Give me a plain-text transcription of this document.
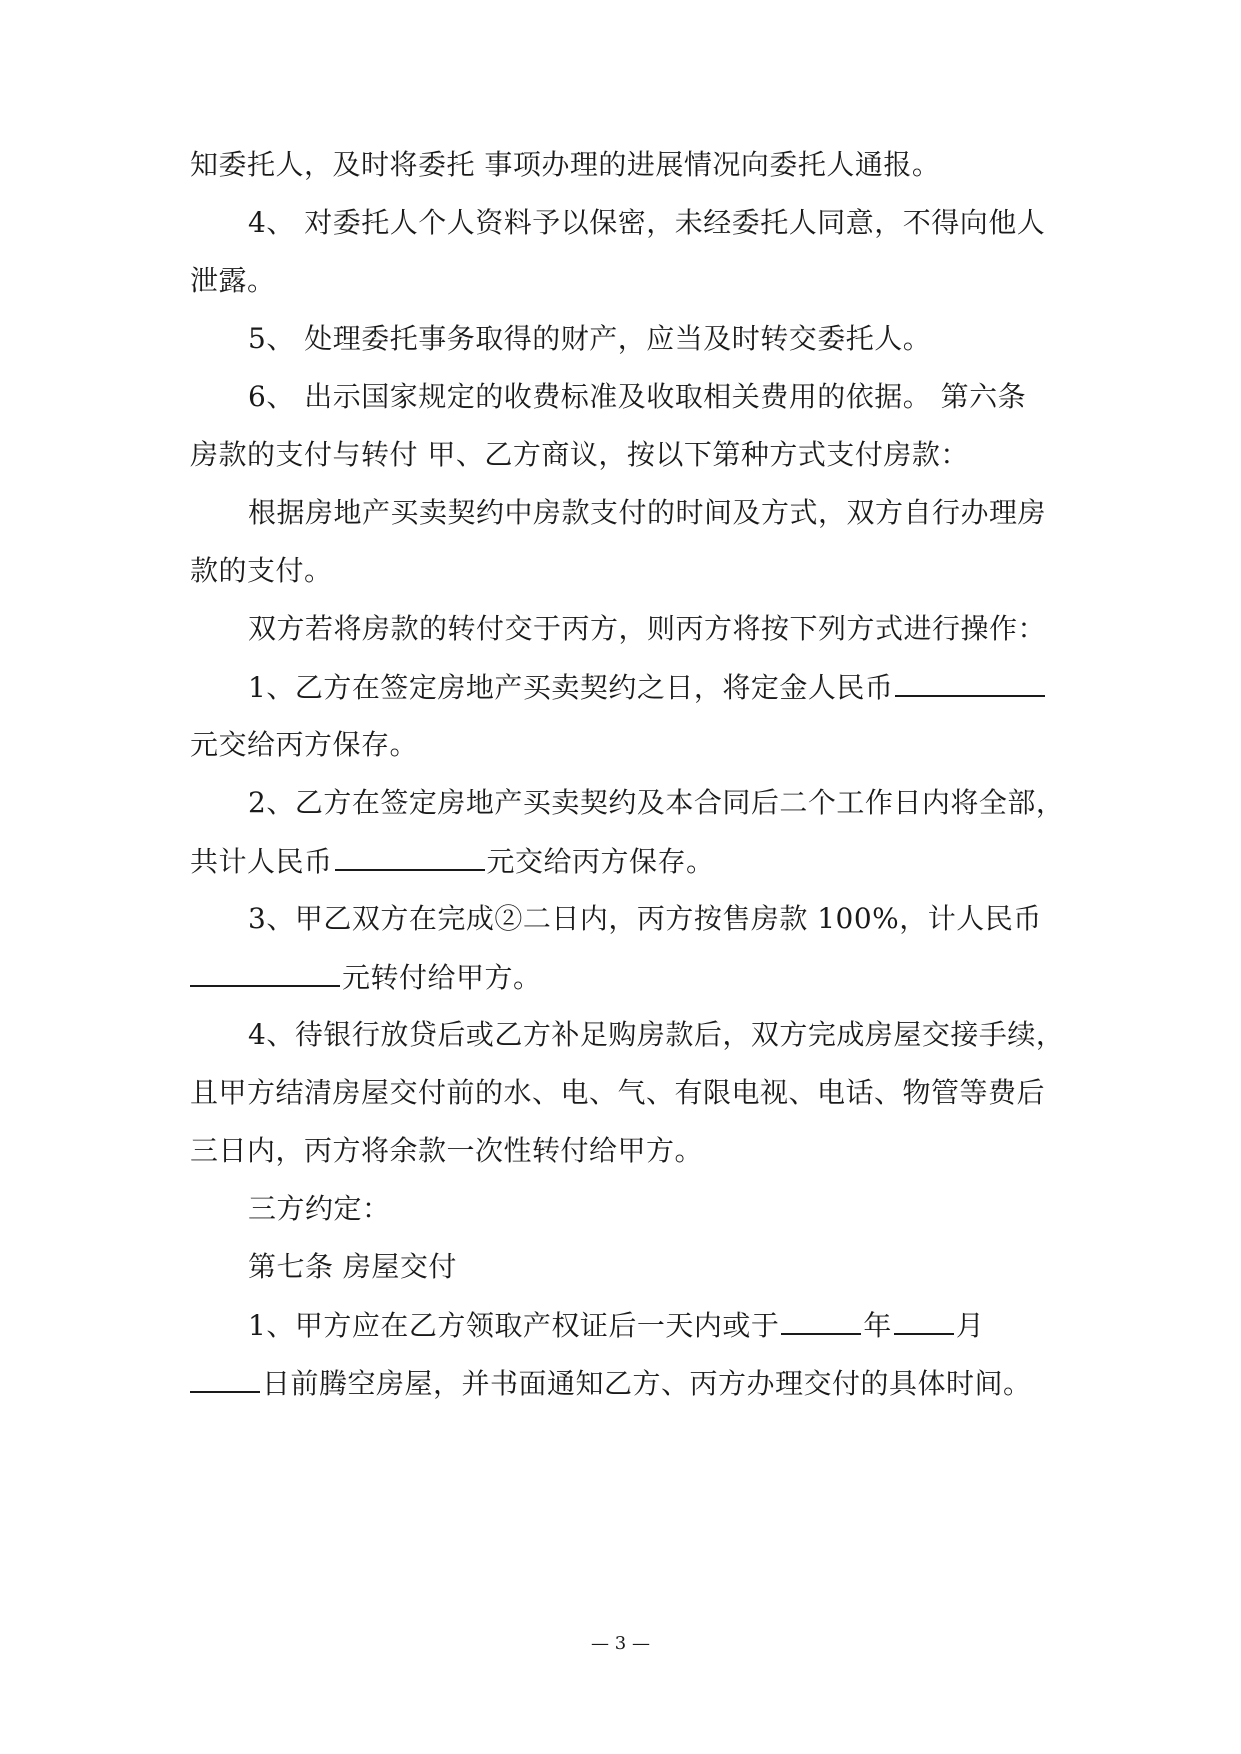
知委托人，及时将委托 事项办理的进展情况向委托人通报。
4、 对委托人个人资料予以保密，未经委托人同意，不得向他人
泄露。
5、 处理委托事务取得的财产，应当及时转交委托人。
6、 出示国家规定的收费标准及收取相关费用的依据。 第六条
房款的支付与转付 甲、乙方商议，按以下第种方式支付房款：
根据房地产买卖契约中房款支付的时间及方式，双方自行办理房
款的支付。
双方若将房款的转付交于丙方，则丙方将按下列方式进行操作：
1、乙方在签定房地产买卖契约之日，将定金人民币
元交给丙方保存。
2、乙方在签定房地产买卖契约及本合同后二个工作日内将全部，
共计人民币	元交给丙方保存。
3、甲乙双方在完成②二日内，丙方按售房款 100%，计人民币
元转付给甲方。
4、待银行放贷后或乙方补足购房款后，双方完成房屋交接手续，
且甲方结清房屋交付前的水、电、气、有限电视、电话、物管等费后
三日内，丙方将余款一次性转付给甲方。
三方约定：
第七条 房屋交付
1、甲方应在乙方领取产权证后一天内或于	年 月
日前腾空房屋，并书面通知乙方、丙方办理交付的具体时间。
— 3 —
